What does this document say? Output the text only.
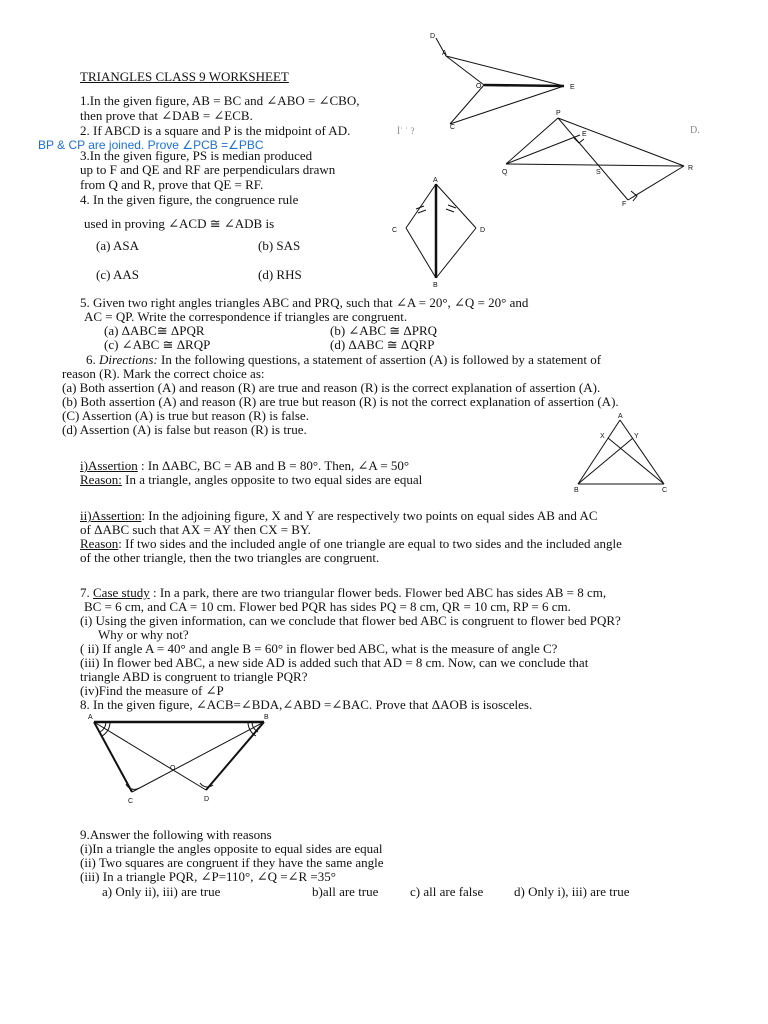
TRIANGLES CLASS 9 WORKSHEET
1.In the given figure, AB = BC and ∠ABO = ∠CBO,
then prove that ∠DAB = ∠ECB.
2. If ABCD is a square and P is the midpoint of AD.	İ˙ ˙ ?
BP & CP are joined. Prove ∠PCB =∠PBC
D.
3.In the given figure, PS is median produced
up to F and QE and RF are perpendiculars drawn
from Q and R, prove that QE = RF.
4. In the given figure, the congruence rule
used in proving ∠ACD ≅ ∠ADB is
(a) ASA	(b) SAS
(c) AAS	(d) RHS
5. Given two right angles triangles ABC and PRQ, such that ∠A = 20°, ∠Q = 20° and
AC = QP. Write the correspondence if triangles are congruent.
(a) ΔABC≅ ΔPQR	(b) ∠ABC ≅ ΔPRQ
(c) ∠ABC ≅ ΔRQP	(d) ΔABC ≅ ΔQRP
6. Directions: In the following questions, a statement of assertion (A) is followed by a statement of
reason (R). Mark the correct choice as:
(a) Both assertion (A) and reason (R) are true and reason (R) is the correct explanation of assertion (A).
(b) Both assertion (A) and reason (R) are true but reason (R) is not the correct explanation of assertion (A).
(C) Assertion (A) is true but reason (R) is false.
(d) Assertion (A) is false but reason (R) is true.
i)Assertion : In ΔABC, BC = AB and B = 80°. Then, ∠A = 50°
Reason: In a triangle, angles opposite to two equal sides are equal
ii)Assertion: In the adjoining figure, X and Y are respectively two points on equal sides AB and AC
of ΔABC such that AX = AY then CX = BY.
Reason: If two sides and the included angle of one triangle are equal to two sides and the included angle
of the other triangle, then the two triangles are congruent.
7. Case study : In a park, there are two triangular flower beds. Flower bed ABC has sides AB = 8 cm,
BC = 6 cm, and CA = 10 cm. Flower bed PQR has sides PQ = 8 cm, QR = 10 cm, RP = 6 cm.
(i) Using the given information, can we conclude that flower bed ABC is congruent to flower bed PQR?
Why or why not?
( ii) If angle A = 40° and angle B = 60° in flower bed ABC, what is the measure of angle C?
(iii) In flower bed ABC, a new side AD is added such that AD = 8 cm. Now, can we conclude that
triangle ABD is congruent to triangle PQR?
(iv)Find the measure of ∠P
8. In the given figure, ∠ACB=∠BDA,∠ABD =∠BAC. Prove that ΔAOB is isosceles.
9.Answer the following with reasons
(i)In a triangle the angles opposite to equal sides are equal
(ii) Two squares are congruent if they have the same angle
(iii) In a triangle PQR, ∠P=110°, ∠Q =∠R =35°
a) Only ii), iii) are true	b)all are true c) all are false d) Only i), iii) are true
D
A
O	E
C
P
E
Q	S
R
F
A
C	D
B
A
X	Y
B	C
A	B
O
C	D
